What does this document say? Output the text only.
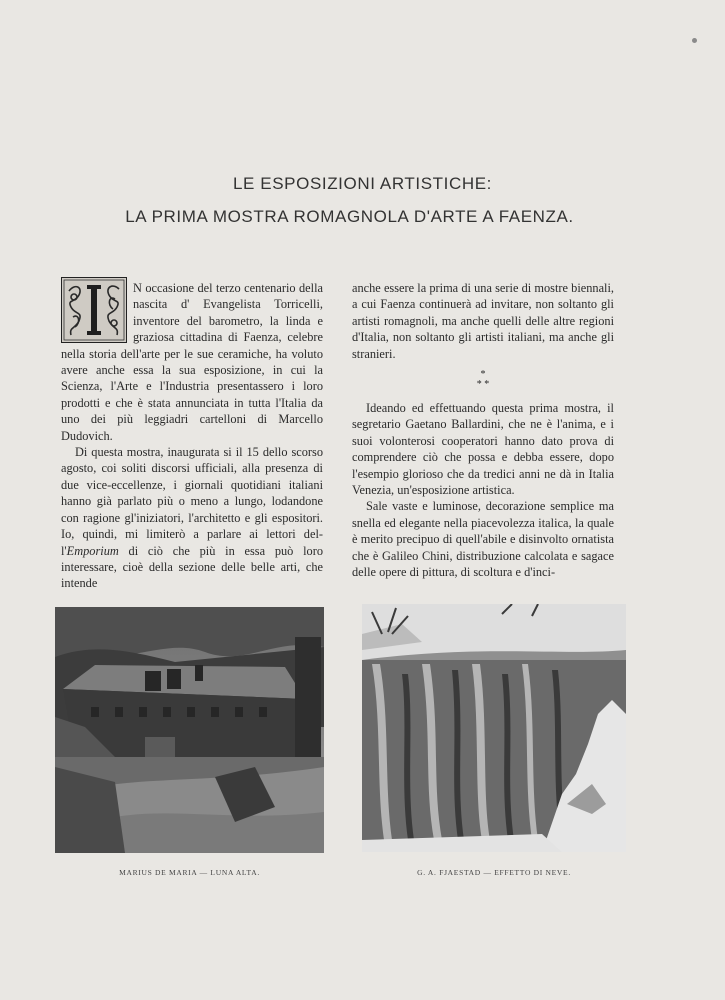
LE ESPOSIZIONI ARTISTICHE:
LA PRIMA MOSTRA ROMAGNOLA D'ARTE A FAENZA.

N occasione del terzo centenario della nascita d' Evangelista Torricelli, inventore del barometro, la linda e graziosa cittadina di Faenza, celebre nella storia dell'arte per le sue ceramiche, ha voluto avere anche essa la sua esposizione, in cui la Scienza, l'Arte e l'Industria presentassero i loro prodotti e che è stata annunciata in tutta l'Italia da uno dei più leggiadri cartelloni di Marcello Dudovich.

Di questa mostra, inaugurata si il 15 dello scorso agosto, coi soliti discorsi ufficiali, alla presenza di due vice-eccellenze, i giornali quotidiani italiani hanno già parlato più o meno a lungo, lodandone con ragione gl'iniziatori, l'architetto e gli espositori. Io, quindi, mi limiterò a parlare ai lettori del-l'Emporium di ciò che più in essa può loro interessare, cioè della sezione delle belle arti, che intende

anche essere la prima di una serie di mostre biennali, a cui Faenza continuerà ad invitare, non soltanto gli artisti romagnoli, ma anche quelli delle altre regioni d'Italia, non soltanto gli artisti italiani, ma anche gli stranieri.

*
* *

Ideando ed effettuando questa prima mostra, il segretario Gaetano Ballardini, che ne è l'anima, e i suoi volonterosi cooperatori hanno dato prova di comprendere ciò che possa e debba essere, dopo l'esempio glorioso che da tredici anni ne dà in Italia Venezia, un'esposizione artistica.

Sale vaste e luminose, decorazione semplice ma snella ed elegante nella piacevolezza italica, la quale è merito precipuo di quell'abile e disinvolto ornatista che è Galileo Chini, distribuzione calcolata e sagace delle opere di pittura, di scoltura e d'inci-

MARIUS DE MARIA — LUNA ALTA.	G. A. FJAESTAD — EFFETTO DI NEVE.
